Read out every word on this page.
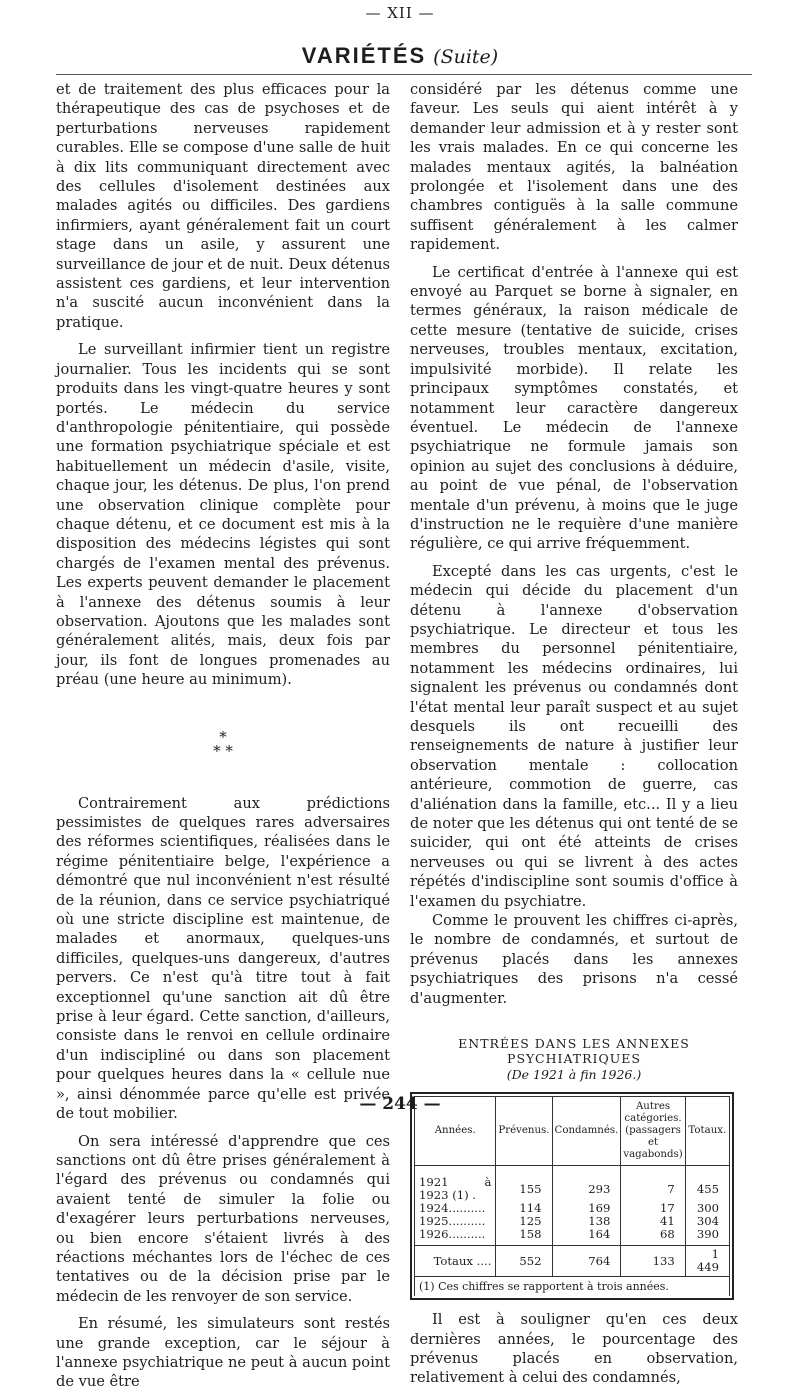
— XII —
VARIÉTÉS (Suite)

et de traitement des plus efficaces pour la thérapeutique des cas de psychoses et de perturbations nerveuses rapidement curables. Elle se compose d'une salle de huit à dix lits communiquant directement avec des cellules d'isolement destinées aux malades agités ou difficiles. Des gardiens infirmiers, ayant généralement fait un court stage dans un asile, y assurent une surveillance de jour et de nuit. Deux détenus assistent ces gardiens, et leur intervention n'a suscité aucun inconvénient dans la pratique.

Le surveillant infirmier tient un registre journalier. Tous les incidents qui se sont produits dans les vingt-quatre heures y sont portés. Le médecin du service d'anthropologie pénitentiaire, qui possède une formation psychiatrique spéciale et est habituellement un médecin d'asile, visite, chaque jour, les détenus. De plus, l'on prend une observation clinique complète pour chaque détenu, et ce document est mis à la disposition des médecins légistes qui sont chargés de l'examen mental des prévenus. Les experts peuvent demander le placement à l'annexe des détenus soumis à leur observation. Ajoutons que les malades sont généralement alités, mais, deux fois par jour, ils font de longues promenades au préau (une heure au minimum).

*
* *

Contrairement aux prédictions pessimistes de quelques rares adversaires des réformes scientifiques, réalisées dans le régime pénitentiaire belge, l'expérience a démontré que nul inconvénient n'est résulté de la réunion, dans ce service psychiatriqué où une stricte discipline est maintenue, de malades et anormaux, quelques-uns difficiles, quelques-uns dangereux, d'autres pervers. Ce n'est qu'à titre tout à fait exceptionnel qu'une sanction ait dû être prise à leur égard. Cette sanction, d'ailleurs, consiste dans le renvoi en cellule ordinaire d'un indiscipliné ou dans son placement pour quelques heures dans la « cellule nue », ainsi dénommée parce qu'elle est privée de tout mobilier.

On sera intéressé d'apprendre que ces sanctions ont dû être prises généralement à l'égard des prévenus ou condamnés qui avaient tenté de simuler la folie ou d'exagérer leurs perturbations nerveuses, ou bien encore s'étaient livrés à des réactions méchantes lors de l'échec de ces tentatives ou de la décision prise par le médecin de les renvoyer de son service.

En résumé, les simulateurs sont restés une grande exception, car le séjour à l'annexe psychiatrique ne peut à aucun point de vue être

considéré par les détenus comme une faveur. Les seuls qui aient intérêt à y demander leur admission et à y rester sont les vrais malades. En ce qui concerne les malades mentaux agités, la balnéation prolongée et l'isolement dans une des chambres contiguës à la salle commune suffisent généralement à les calmer rapidement.

Le certificat d'entrée à l'annexe qui est envoyé au Parquet se borne à signaler, en termes généraux, la raison médicale de cette mesure (tentative de suicide, crises nerveuses, troubles mentaux, excitation, impulsivité morbide). Il relate les principaux symptômes constatés, et notamment leur caractère dangereux éventuel. Le médecin de l'annexe psychiatrique ne formule jamais son opinion au sujet des conclusions à déduire, au point de vue pénal, de l'observation mentale d'un prévenu, à moins que le juge d'instruction ne le requière d'une manière régulière, ce qui arrive fréquemment.

Excepté dans les cas urgents, c'est le médecin qui décide du placement d'un détenu à l'annexe d'observation psychiatrique. Le directeur et tous les membres du personnel pénitentiaire, notamment les médecins ordinaires, lui signalent les prévenus ou condamnés dont l'état mental leur paraît suspect et au sujet desquels ils ont recueilli des renseignements de nature à justifier leur observation mentale : collocation antérieure, commotion de guerre, cas d'aliénation dans la famille, etc... Il y a lieu de noter que les détenus qui ont tenté de se suicider, qui ont été atteints de crises nerveuses ou qui se livrent à des actes répétés d'indiscipline sont soumis d'office à l'examen du psychiatre.

Comme le prouvent les chiffres ci-après, le nombre de condamnés, et surtout de prévenus placés dans les annexes psychiatriques des prisons n'a cessé d'augmenter.

ENTRÉES DANS LES ANNEXES PSYCHIATRIQUES
(De 1921 à fin 1926.)
Années.	Prévenus.	Condamnés.	Autres catégories. (passagers et vagabonds)	Totaux.
1921 à 1923 (1) .	155	293	7	455
1924..........	114	169	17	300
1925..........	125	138	41	304
1926..........	158	164	68	390
Totaux ....	552	764	133	1 449
(1) Ces chiffres se rapportent à trois années.				

Il est à souligner qu'en ces deux dernières années, le pourcentage des prévenus placés en observation, relativement à celui des condamnés,

— 244 —
